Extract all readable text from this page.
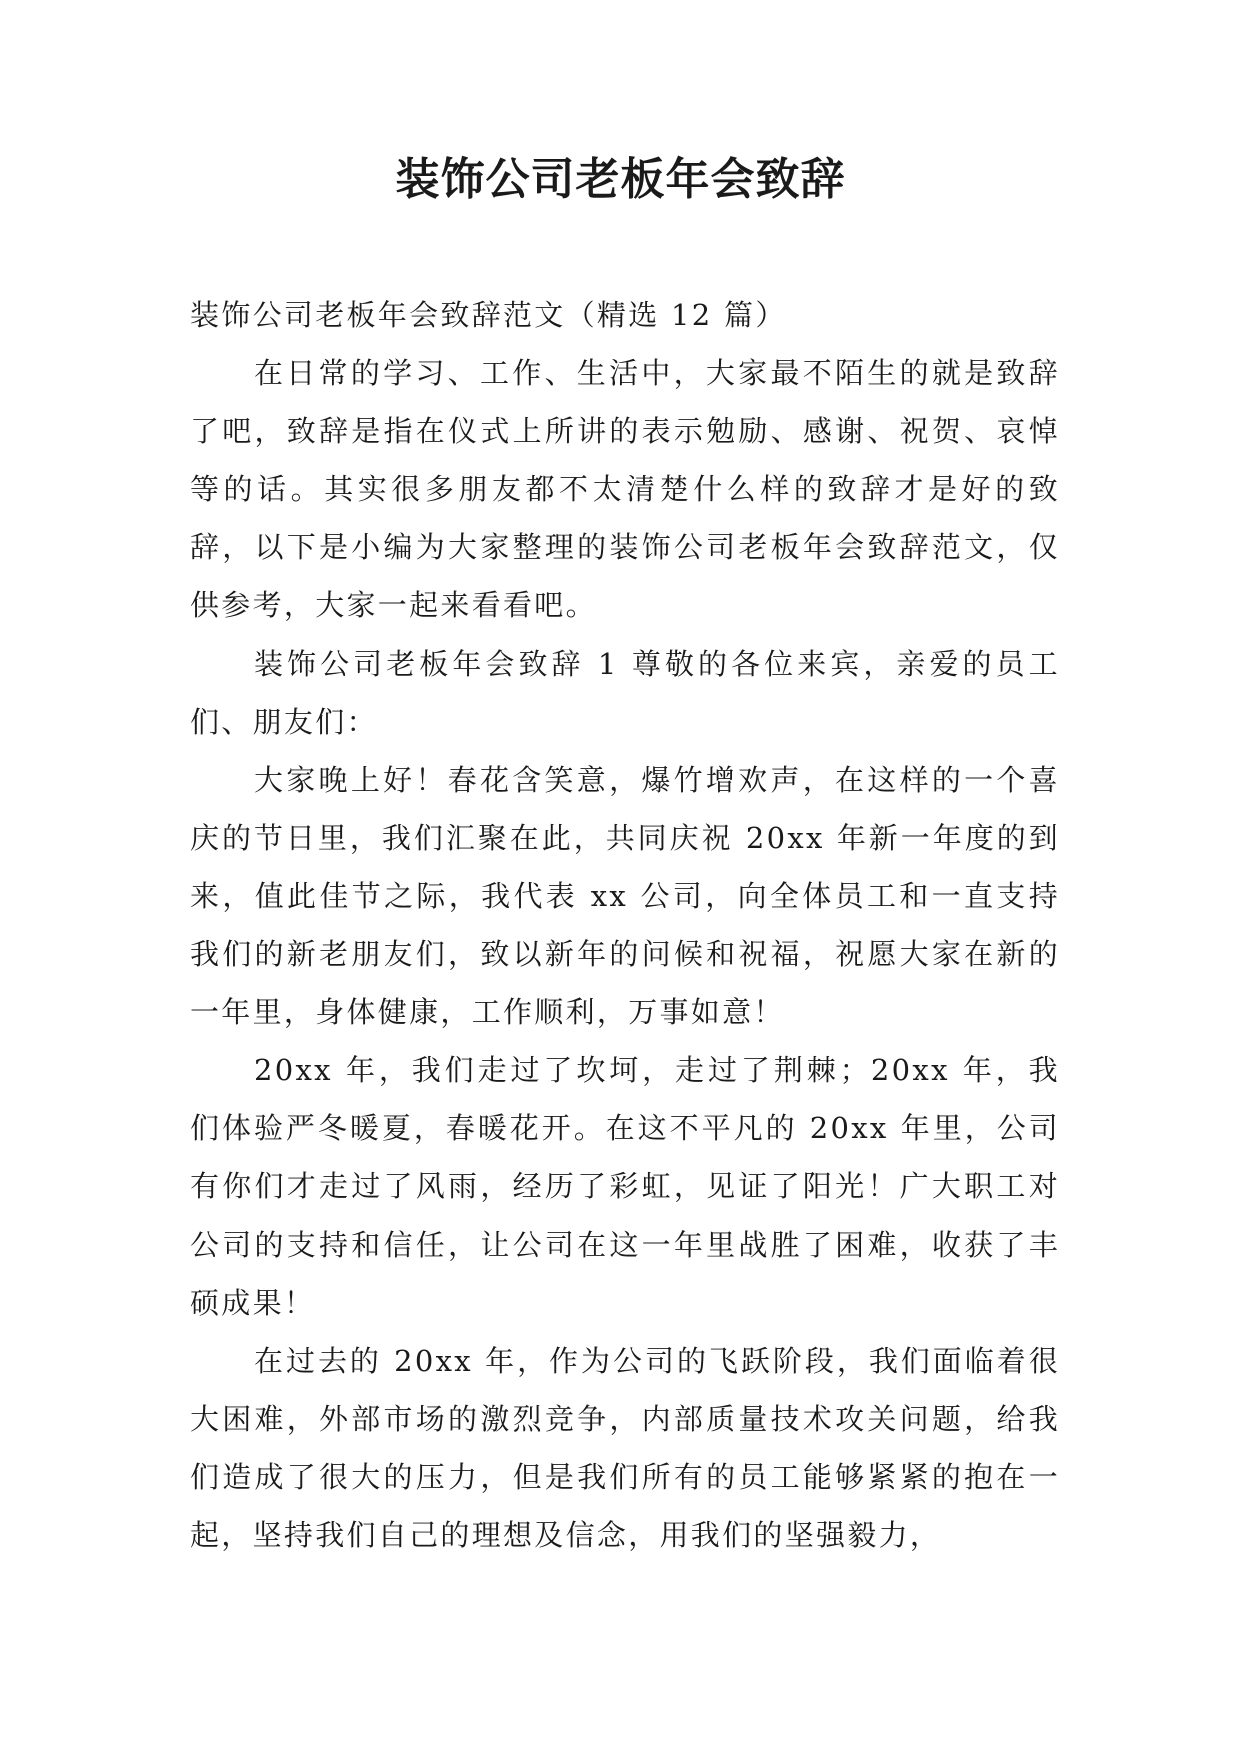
装饰公司老板年会致辞

装饰公司老板年会致辞范文（精选 12 篇）

在日常的学习、工作、生活中，大家最不陌生的就是致辞了吧，致辞是指在仪式上所讲的表示勉励、感谢、祝贺、哀悼等的话。其实很多朋友都不太清楚什么样的致辞才是好的致辞，以下是小编为大家整理的装饰公司老板年会致辞范文，仅供参考，大家一起来看看吧。

装饰公司老板年会致辞 1 尊敬的各位来宾，亲爱的员工们、朋友们：

大家晚上好！春花含笑意，爆竹增欢声，在这样的一个喜庆的节日里，我们汇聚在此，共同庆祝 20xx 年新一年度的到来，值此佳节之际，我代表 xx 公司，向全体员工和一直支持我们的新老朋友们，致以新年的问候和祝福，祝愿大家在新的一年里，身体健康，工作顺利，万事如意！

20xx 年，我们走过了坎坷，走过了荆棘；20xx 年，我们体验严冬暖夏，春暖花开。在这不平凡的 20xx 年里，公司有你们才走过了风雨，经历了彩虹，见证了阳光！广大职工对公司的支持和信任，让公司在这一年里战胜了困难，收获了丰硕成果！

在过去的 20xx 年，作为公司的飞跃阶段，我们面临着很大困难，外部市场的激烈竞争，内部质量技术攻关问题，给我们造成了很大的压力，但是我们所有的员工能够紧紧的抱在一起，坚持我们自己的理想及信念，用我们的坚强毅力，
